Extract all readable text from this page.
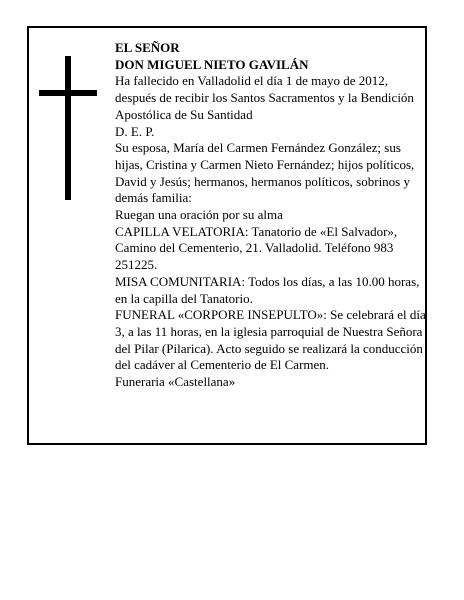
EL SEÑOR

DON MIGUEL NIETO GAVILÁN

Ha fallecido en Valladolid el día 1 de mayo de 2012, después de recibir los Santos Sacramentos y la Bendición Apostólica de Su Santidad

D. E. P.

Su esposa, María del Carmen Fernández González; sus hijas, Cristina y Carmen Nieto Fernández; hijos políticos, David y Jesús; hermanos, hermanos políticos, sobrinos y demás familia:

Ruegan una oración por su alma

CAPILLA VELATORIA: Tanatorio de «El Salvador», Camino del Cementerio, 21. Valladolid. Teléfono 983 251225.

MISA COMUNITARIA: Todos los días, a las 10.00 horas, en la capilla del Tanatorio.

FUNERAL «CORPORE INSEPULTO»: Se celebrará el día 3, a las 11 horas, en la iglesia parroquial de Nuestra Señora del Pilar (Pilarica). Acto seguido se realizará la conducción del cadáver al Cementerio de El Carmen.

Funeraria «Castellana»
